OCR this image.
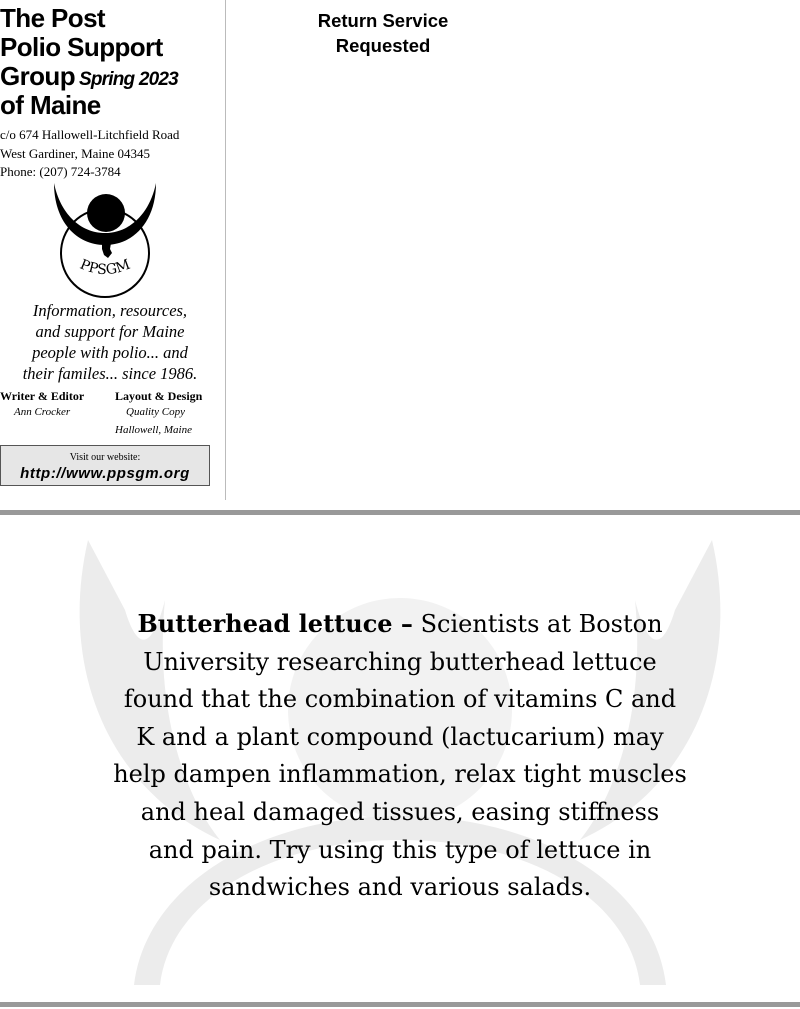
The Post
Polio Support
Group Spring 2023
of Maine
c/o 674 Hallowell-Litchfield Road
West Gardiner, Maine 04345
Phone: (207) 724-3784
PPSGM
Information, resources,
and support for Maine
people with polio... and
their familes... since 1986.
Writer & Editor
Ann Crocker
Layout & Design
Quality Copy
Hallowell, Maine
Visit our website:
http://www.ppsgm.org
Return Service
Requested
Butterhead lettuce – Scientists at Boston
University researching butterhead lettuce
found that the combination of vitamins C and
K and a plant compound (lactucarium) may
help dampen inflammation, relax tight muscles
and heal damaged tissues, easing stiffness
and pain. Try using this type of lettuce in
sandwiches and various salads.
